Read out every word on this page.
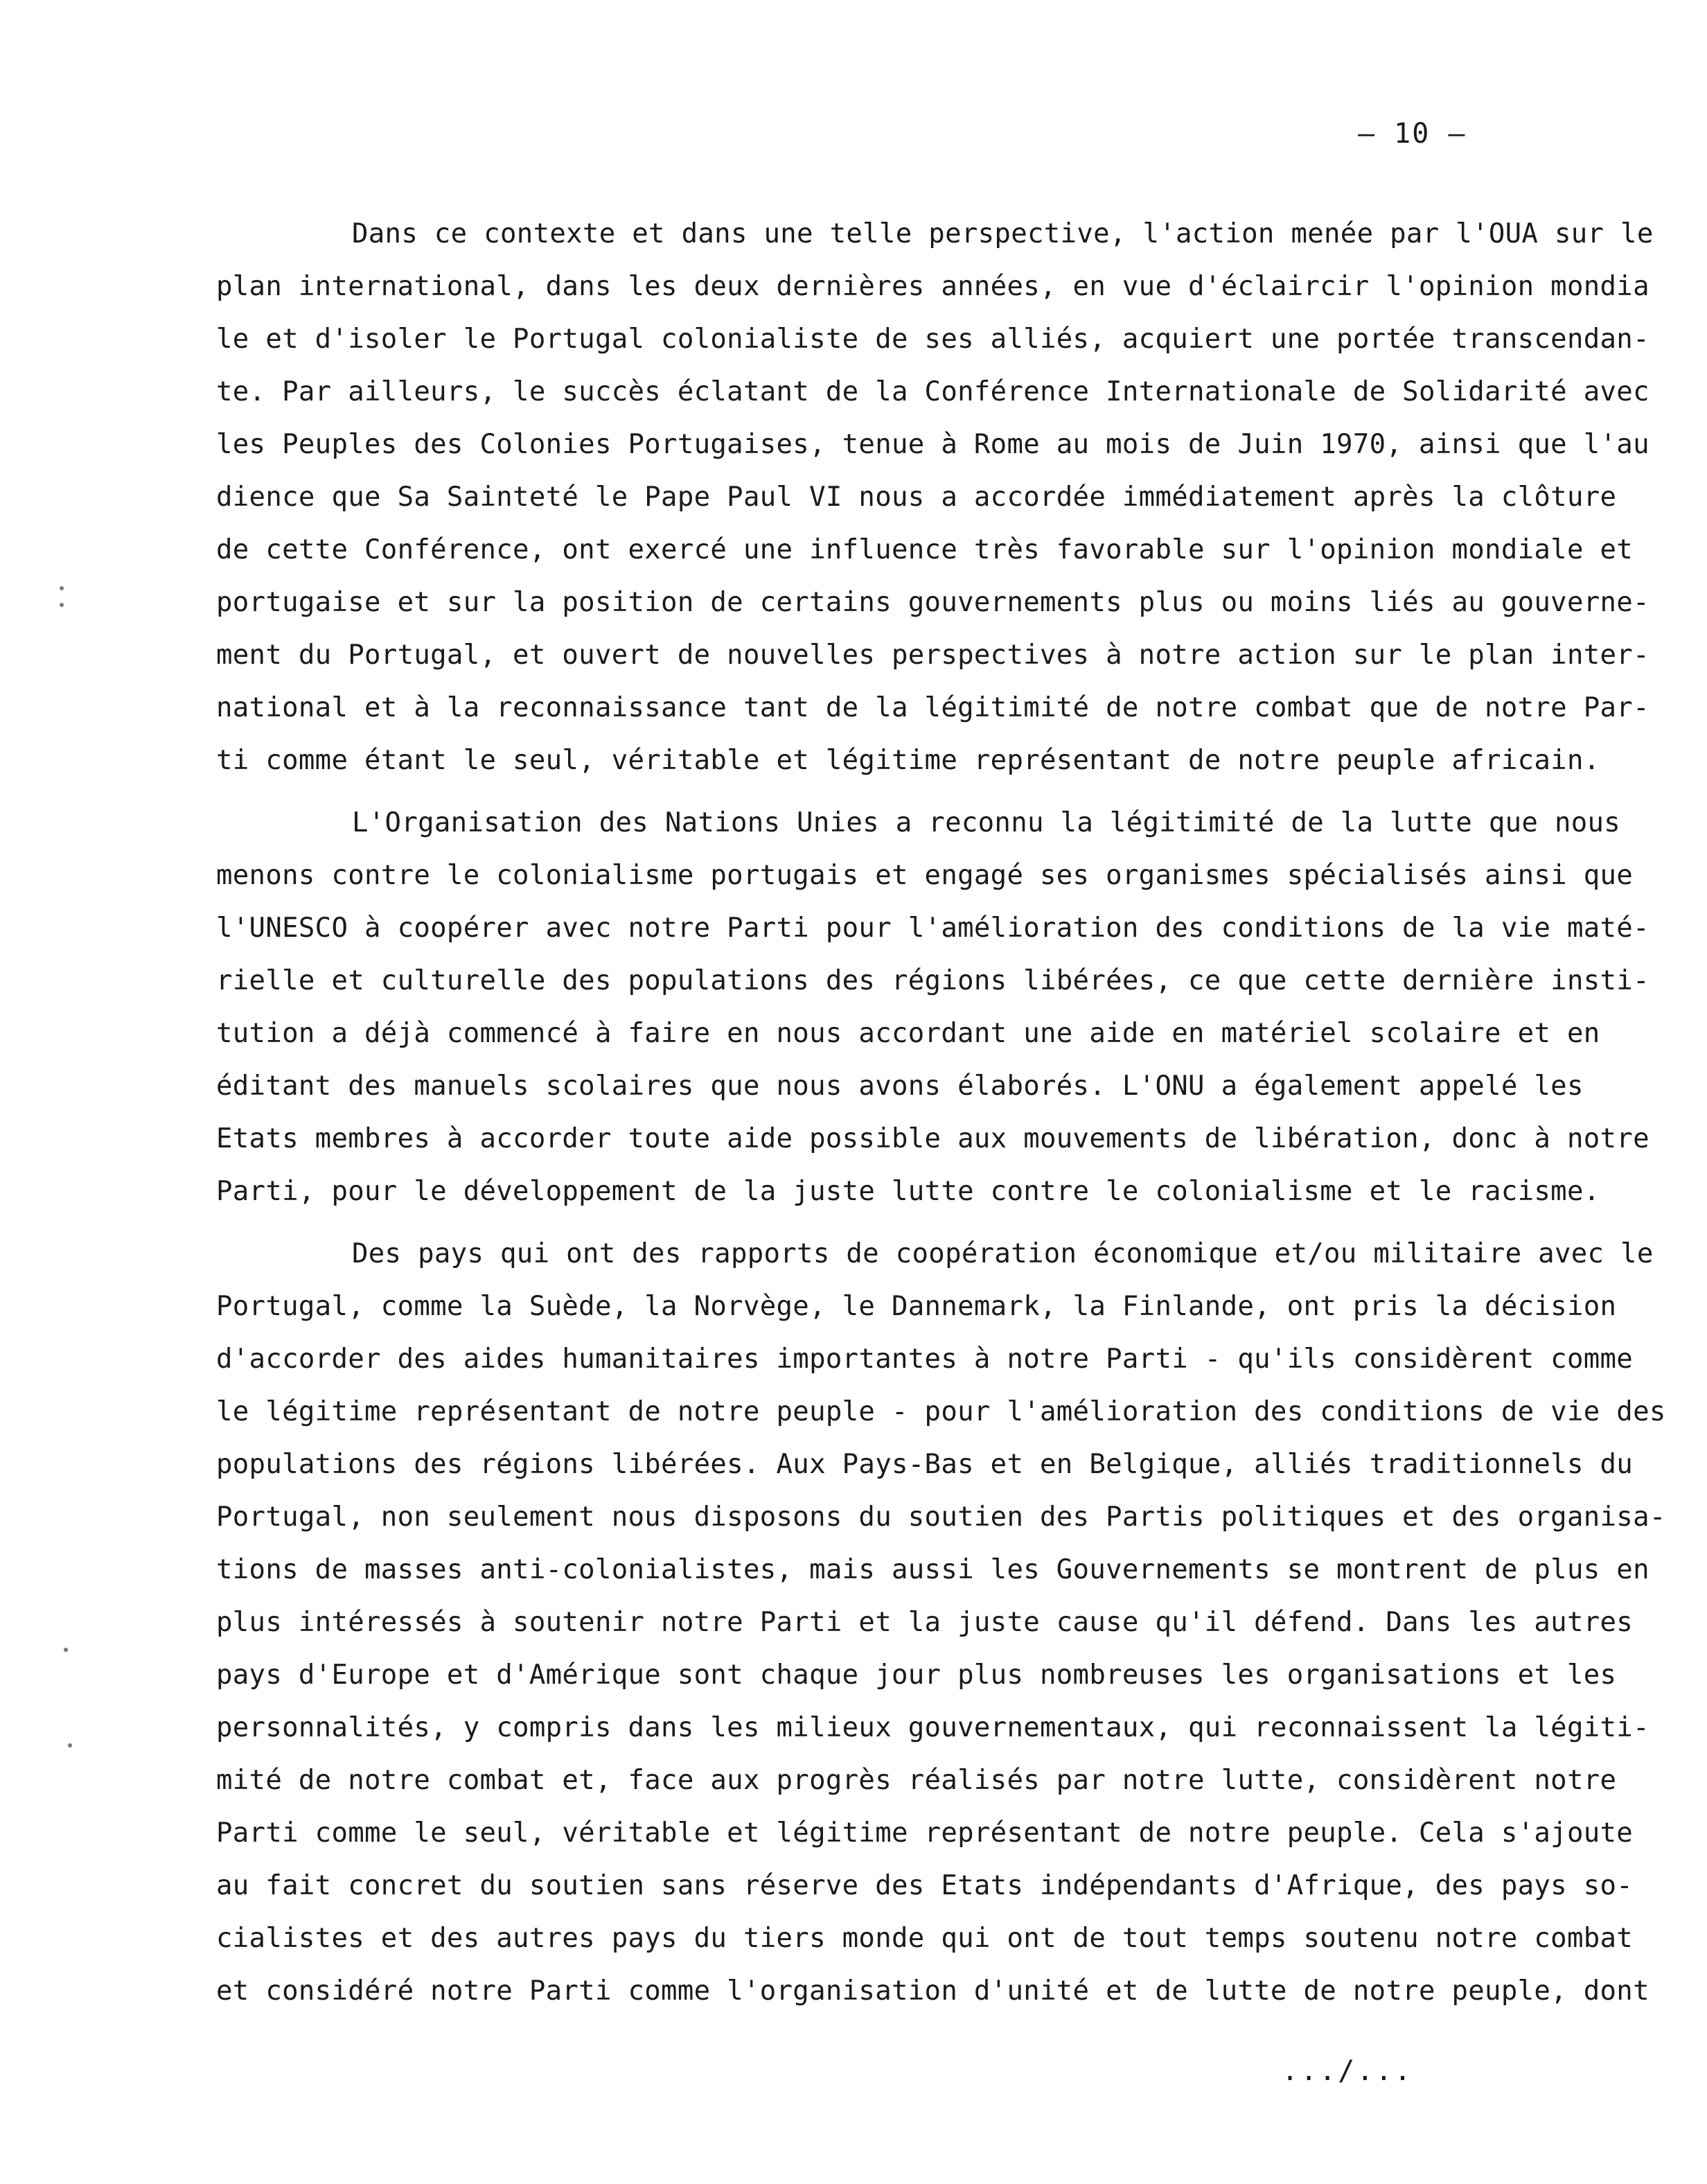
– 10 –
Dans ce contexte et dans une telle perspective, l'action menée par l'OUA sur le
plan international, dans les deux dernières années, en vue d'éclaircir l'opinion mondia
le et d'isoler le Portugal colonialiste de ses alliés, acquiert une portée transcendan-
te. Par ailleurs, le succès éclatant de la Conférence Internationale de Solidarité avec
les Peuples des Colonies Portugaises, tenue à Rome au mois de Juin 1970, ainsi que l'au
dience que Sa Sainteté le Pape Paul VI nous a accordée immédiatement après la clôture
de cette Conférence, ont exercé une influence très favorable sur l'opinion mondiale et
portugaise et sur la position de certains gouvernements plus ou moins liés au gouverne-
ment du Portugal, et ouvert de nouvelles perspectives à notre action sur le plan inter-
national et à la reconnaissance tant de la légitimité de notre combat que de notre Par-
ti comme étant le seul, véritable et légitime représentant de notre peuple africain.
L'Organisation des Nations Unies a reconnu la légitimité de la lutte que nous
menons contre le colonialisme portugais et engagé ses organismes spécialisés ainsi que
l'UNESCO à coopérer avec notre Parti pour l'amélioration des conditions de la vie maté-
rielle et culturelle des populations des régions libérées, ce que cette dernière insti-
tution a déjà commencé à faire en nous accordant une aide en matériel scolaire et en
éditant des manuels scolaires que nous avons élaborés. L'ONU a également appelé les
Etats membres à accorder toute aide possible aux mouvements de libération, donc à notre
Parti, pour le développement de la juste lutte contre le colonialisme et le racisme.
Des pays qui ont des rapports de coopération économique et/ou militaire avec le
Portugal, comme la Suède, la Norvège, le Dannemark, la Finlande, ont pris la décision
d'accorder des aides humanitaires importantes à notre Parti - qu'ils considèrent comme
le légitime représentant de notre peuple - pour l'amélioration des conditions de vie des
populations des régions libérées. Aux Pays-Bas et en Belgique, alliés traditionnels du
Portugal, non seulement nous disposons du soutien des Partis politiques et des organisa-
tions de masses anti-colonialistes, mais aussi les Gouvernements se montrent de plus en
plus intéressés à soutenir notre Parti et la juste cause qu'il défend. Dans les autres
pays d'Europe et d'Amérique sont chaque jour plus nombreuses les organisations et les
personnalités, y compris dans les milieux gouvernementaux, qui reconnaissent la légiti-
mité de notre combat et, face aux progrès réalisés par notre lutte, considèrent notre
Parti comme le seul, véritable et légitime représentant de notre peuple. Cela s'ajoute
au fait concret du soutien sans réserve des Etats indépendants d'Afrique, des pays so-
cialistes et des autres pays du tiers monde qui ont de tout temps soutenu notre combat
et considéré notre Parti comme l'organisation d'unité et de lutte de notre peuple, dont
.../...
